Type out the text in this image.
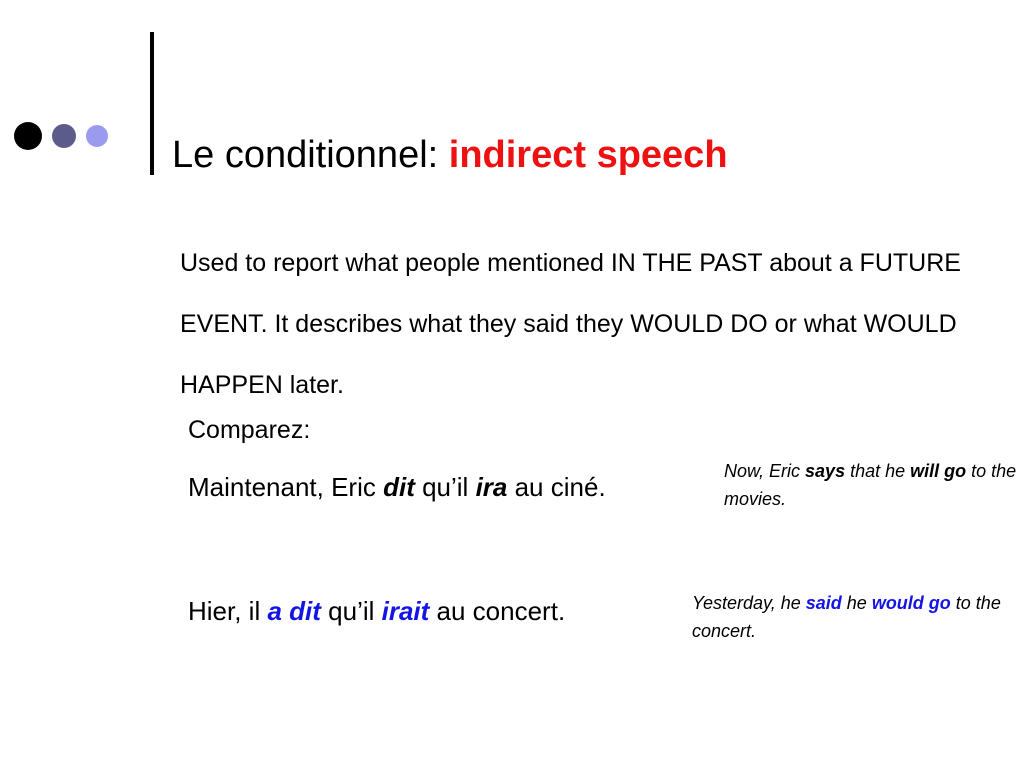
Le conditionnel: indirect speech

Used to report what people mentioned IN THE PAST about a FUTURE EVENT. It describes what they said they WOULD DO or what WOULD HAPPEN later.

Comparez:
Maintenant, Eric dit qu’il ira au ciné.
Now, Eric says that he will go to the movies.
Hier, il a dit qu’il irait au concert.	Yesterday, he said he would go to the concert.
